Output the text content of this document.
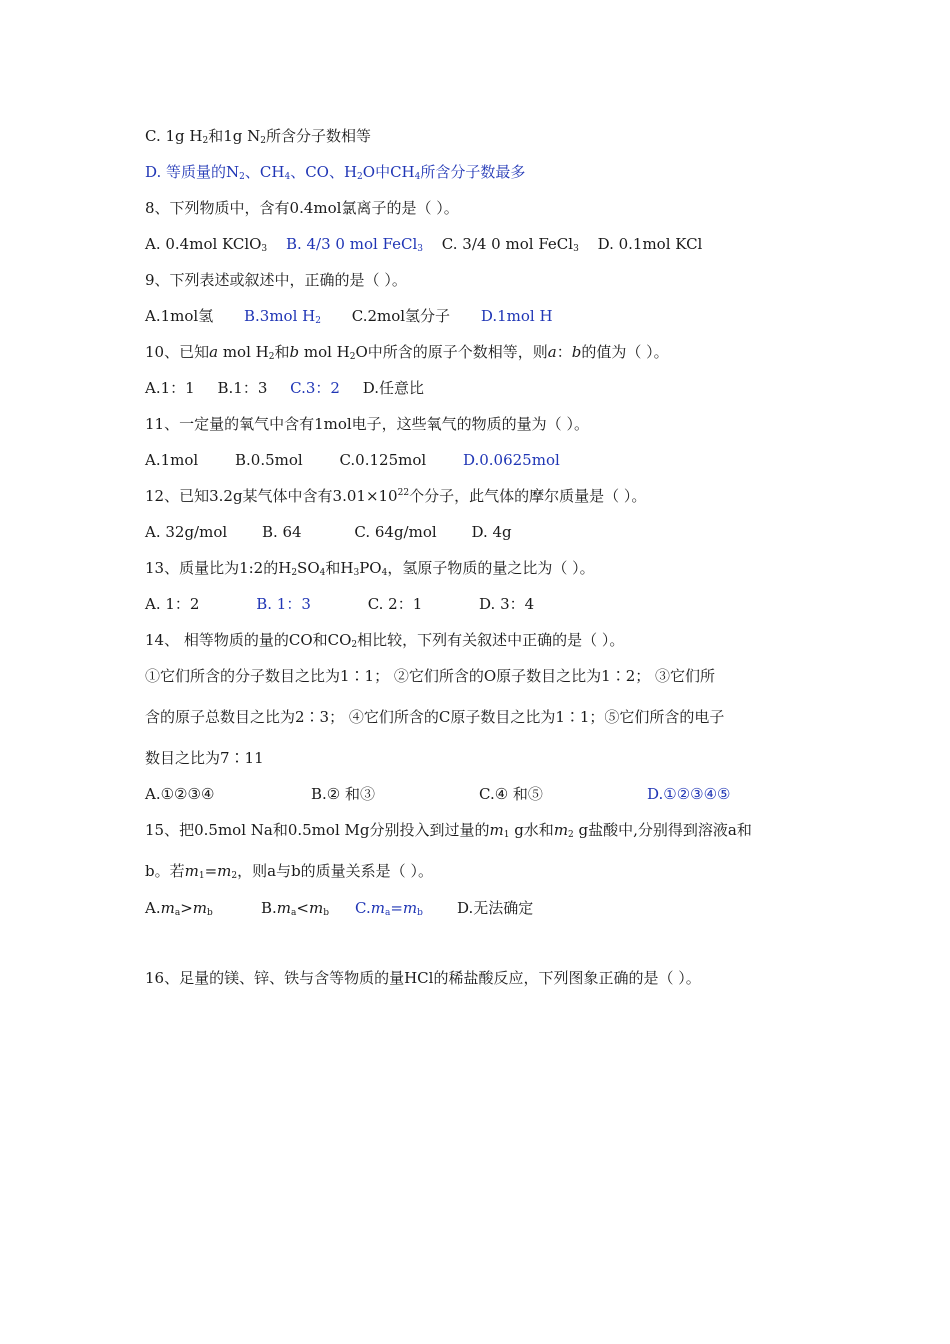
C. 1g $H_2$和1g $N_2$所含分子数相等
D. 等质量的$N_2$、$CH_4$、CO、$H_2O$中$CH_4$所含分子数最多
8、下列物质中，含有0.4mol氯离子的是（ ）。
A. 0.4mol KClO$_3$ B. 4/3 0 mol FeCl$_3$ C. 3/4 0 mol FeCl$_3$ D. 0.1mol KCl
9、下列表述或叙述中，正确的是（ ）。
A.1mol氢 B.3mol $H_2$ C.2mol氢分子 D.1mol H
10、已知a mol $H_2$和b mol $H_2O$中所含的原子个数相等，则a：b的值为（ ）。
A.1：1 B.1：3 C.3：2 D.任意比
11、一定量的氧气中含有1mol电子，这些氧气的物质的量为（ ）。
A.1mol B.0.5mol C.0.125mol D.0.0625mol
12、已知3.2g某气体中含有$3.01\times 10^{22}$个分子，此气体的摩尔质量是（ ）。
A. 32g/mol B. 64	C. 64g/mol D. 4g
13、质量比为1:2的$H_2SO_4$和$H_3PO_4$，氢原子物质的量之比为（ ）。
A. 1：2	B. 1：3	C. 2：1	D. 3：4
14、 相等物质的量的CO和$CO_2$相比较，下列有关叙述中正确的是（ ）。
①它们所含的分子数目之比为1∶1； ②它们所含的O原子数目之比为1∶2； ③它们所
含的原子总数目之比为2∶3； ④它们所含的C原子数目之比为1∶1；⑤它们所含的电子
数目之比为7∶11
A.①②③④	B.② 和③	C.④ 和⑤	D.①②③④⑤
15、把0.5mol Na和0.5mol Mg分别投入到过量的$m_1$ g水和$m_2$ g盐酸中,分别得到溶液a和
b。若$m_1=m_2$，则a与b的质量关系是（ ）。
$A.m_a>m_b$	$B.m_a<m_b$ $C.m_a=m_b$ D.无法确定
16、足量的镁、锌、铁与含等物质的量HCl的稀盐酸反应，下列图象正确的是（ ）。
